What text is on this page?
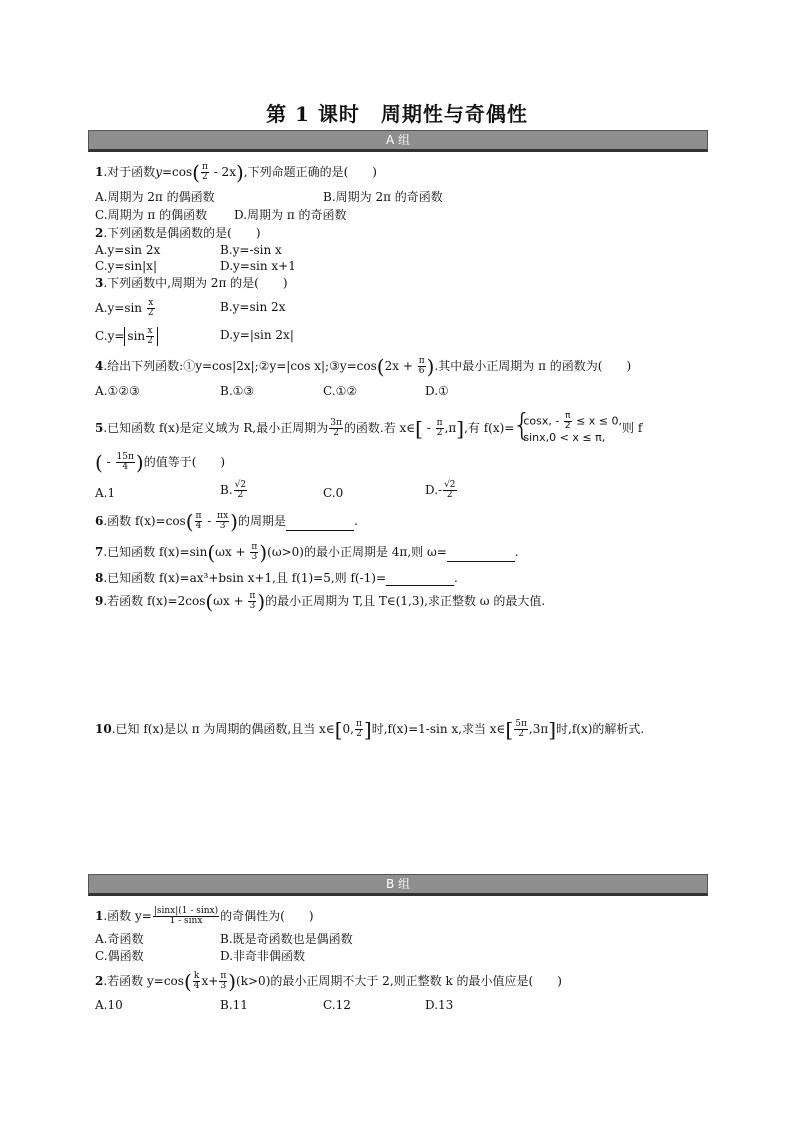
第 1 课时　周期性与奇偶性
A 组
1.对于函数$y=\cos( \frac{\pi}{2} - 2x)$,下列命题正确的是(　　)
A.周期为 2π 的偶函数	B.周期为 2π 的奇函数
C.周期为 π 的偶函数 D.周期为 π 的奇函数
2.下列函数是偶函数的是(　　)
A.y=sin 2x	B.y=-sin x
C.y=sin|x|	D.y=sin x+1
3.下列函数中,周期为 2π 的是(　　)
$A.y=\sin \frac{x}{2}$	B.y=sin 2x
$C.y= \sin \frac{x}{2}$	D.y=|sin 2x|
4.给出下列函数:①y=cos|2x|;②y=|cos x|;③y=cos(2x + $\frac{\pi}{6}$ ).其中最小正周期为 π 的函数为(　　)
A.①②③	B.①③	C.①②	D.①
5.已知函数 f(x)是定义域为 R,最小正周期为 $\frac{3\pi}{2}$ 的函数.若 x∈[ - $\frac{\pi}{2} ,\pi$],有 f(x)=
{ cosx, - $\frac{\pi}{2} \le x \le 0$,
sinx,0 < x ≤ π,
则 f
( - $\frac{15\pi}{4}$ )的值等于(　　)
A.1	B. $\frac{√2}{2}$	C.0	$D.- \frac{√2}{2}$
6.函数 $f(x)=\cos( \frac{\pi}{4} - \frac{\pi x}{3}$ )的周期是	.
7.已知函数 $f(x)=\sin(\omega x + \frac{\pi}{3} )(\omega>0)$的最小正周期是 4π,则 ω=	.
8.已知函数 f(x)=ax³+bsin x+1,且 f(1)=5,则 f(-1)=	.
9.若函数 $f(x)=2\cos(\omega x + \frac{\pi}{3}$ )的最小正周期为 T,且 T∈(1,3),求正整数 ω 的最大值.
10.已知 f(x)是以 π 为周期的偶函数,且当 x∈[0, $\frac{\pi}{2}$ ]时,f(x)=1-sin x,求当 x∈[ $\frac{5\pi}{2} ,3\pi$]时,f(x)的解析式.
B 组
1.函数 $y= \frac{|\sin x|(1 - \sin x)}{1 - \sin x}$ 的奇偶性为(　　)
A.奇函数	B.既是奇函数也是偶函数
C.偶函数	D.非奇非偶函数
2.若函数 $y=\cos( \frac{k}{4} x+ \frac{\pi}{3} )(k>0)$的最小正周期不大于 2,则正整数 k 的最小值应是(　　)
A.10	B.11	C.12	D.13
